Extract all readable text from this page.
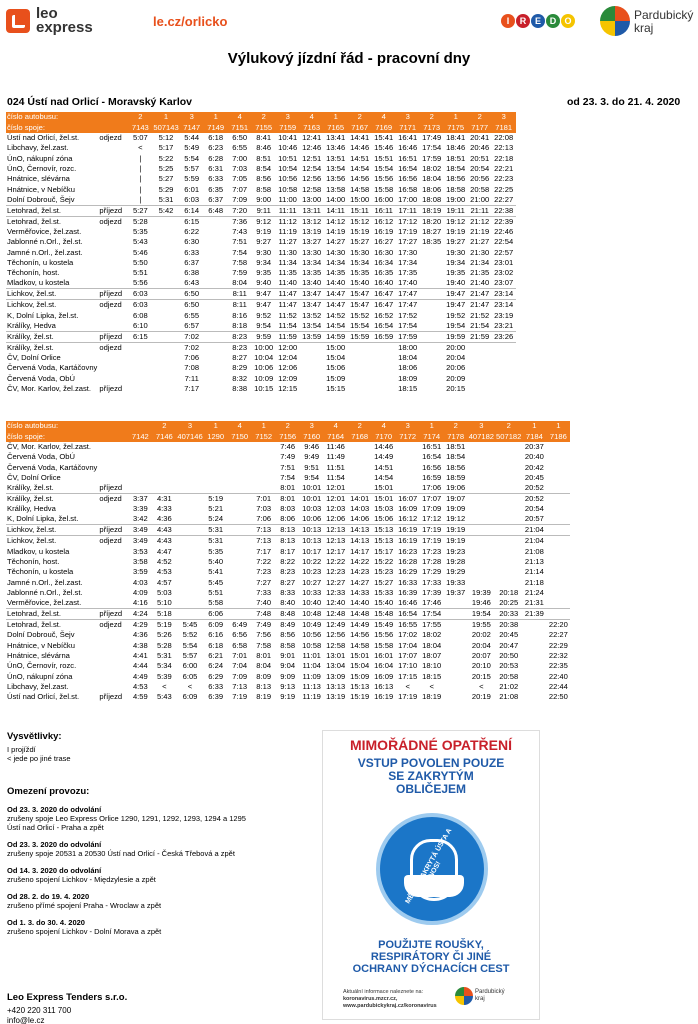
leo
express	le.cz/orlicko	I	R E D O	Pardubický
kraj
Výlukový jízdní řád - pracovní dny
024 Ústí nad Orlicí - Moravský Karlov	od 23. 3. do 21. 4. 2020
číslo autobusu:		2	1	3	1	4	2	3	4	1	2	4	3	2	1	2	3
číslo spoje:		7143	507143	7147	7149	7151	7155	7159	7163	7165	7167	7169	7171	7173	7175	7177	7181
Ústí nad Orlicí, žel.st.	odjezd	5:07	5:12	5:44	6:18	6:50	8:41	10:41	12:41	13:41	14:41	15:41	16:41	17:49	18:41	20:41	22:08
Libchavy, žel.zast.		<	5:17	5:49	6:23	6:55	8:46	10:46	12:46	13:46	14:46	15:46	16:46	17:54	18:46	20:46	22:13
ÚnO, nákupní zóna		|	5:22	5:54	6:28	7:00	8:51	10:51	12:51	13:51	14:51	15:51	16:51	17:59	18:51	20:51	22:18
ÚnO, Černovír, rozc.		|	5:25	5:57	6:31	7:03	8:54	10:54	12:54	13:54	14:54	15:54	16:54	18:02	18:54	20:54	22:21
Hnátnice, slévárna		|	5:27	5:59	6:33	7:05	8:56	10:56	12:56	13:56	14:56	15:56	16:56	18:04	18:56	20:56	22:23
Hnátnice, v Nebíčku		|	5:29	6:01	6:35	7:07	8:58	10:58	12:58	13:58	14:58	15:58	16:58	18:06	18:58	20:58	22:25
Dolní Dobrouč, Šejv		|	5:31	6:03	6:37	7:09	9:00	11:00	13:00	14:00	15:00	16:00	17:00	18:08	19:00	21:00	22:27
Letohrad, žel.st.	příjezd	5:27	5:42	6:14	6:48	7:20	9:11	11:11	13:11	14:11	15:11	16:11	17:11	18:19	19:11	21:11	22:38
Letohrad, žel.st.	odjezd	5:28		6:15		7:36	9:12	11:12	13:12	14:12	15:12	16:12	17:12	18:20	19:12	21:12	22:39
Verměřovice, žel.zast.		5:35		6:22		7:43	9:19	11:19	13:19	14:19	15:19	16:19	17:19	18:27	19:19	21:19	22:46
Jablonné n.Orl., žel.st.		5:43		6:30		7:51	9:27	11:27	13:27	14:27	15:27	16:27	17:27	18:35	19:27	21:27	22:54
Jamné n.Orl., žel.zast.		5:46		6:33		7:54	9:30	11:30	13:30	14:30	15:30	16:30	17:30		19:30	21:30	22:57
Těchonín, u kostela		5:50		6:37		7:58	9:34	11:34	13:34	14:34	15:34	16:34	17:34		19:34	21:34	23:01
Těchonín, host.		5:51		6:38		7:59	9:35	11:35	13:35	14:35	15:35	16:35	17:35		19:35	21:35	23:02
Mladkov, u kostela		5:56		6:43		8:04	9:40	11:40	13:40	14:40	15:40	16:40	17:40		19:40	21:40	23:07
Lichkov, žel.st.	příjezd	6:03		6:50		8:11	9:47	11:47	13:47	14:47	15:47	16:47	17:47		19:47	21:47	23:14
Lichkov, žel.st.	odjezd	6:03		6:50		8:11	9:47	11:47	13:47	14:47	15:47	16:47	17:47		19:47	21:47	23:14
K, Dolní Lipka, žel.st.		6:08		6:55		8:16	9:52	11:52	13:52	14:52	15:52	16:52	17:52		19:52	21:52	23:19
Králíky, Hedva		6:10		6:57		8:18	9:54	11:54	13:54	14:54	15:54	16:54	17:54		19:54	21:54	23:21
Králíky, žel.st.	příjezd	6:15		7:02		8:23	9:59	11:59	13:59	14:59	15:59	16:59	17:59		19:59	21:59	23:26
Králíky, žel.st.	odjezd			7:02		8:23	10:00	12:00		15:00			18:00		20:00		
ČV, Dolní Orlice				7:06		8:27	10:04	12:04		15:04			18:04		20:04		
Červená Voda, Kartáčovny				7:08		8:29	10:06	12:06		15:06			18:06		20:06		
Červená Voda, ObÚ				7:11		8:32	10:09	12:09		15:09			18:09		20:09		
ČV, Mor. Karlov, žel.zast.	příjezd			7:17		8:38	10:15	12:15		15:15			18:15		20:15		
číslo autobusu:			2	3	1	4	1	2	3	4	2	4	3	1	2	3	2	1	1
číslo spoje:		7142	7146	407146	1290	7150	7152	7156	7160	7164	7168	7170	7172	7174	7178	407182	507182	7184	7186
ČV, Mor. Karlov, žel.zast.								7:46	9:46	11:46		14:46		16:51	18:51			20:37	
Červená Voda, ObÚ								7:49	9:49	11:49		14:49		16:54	18:54			20:40	
Červená Voda, Kartáčovny								7:51	9:51	11:51		14:51		16:56	18:56			20:42	
ČV, Dolní Orlice								7:54	9:54	11:54		14:54		16:59	18:59			20:45	
Králíky, žel.st.	příjezd							8:01	10:01	12:01		15:01		17:06	19:06			20:52	
Králíky, žel.st.	odjezd	3:37	4:31		5:19		7:01	8:01	10:01	12:01	14:01	15:01	16:07	17:07	19:07			20:52	
Králíky, Hedva		3:39	4:33		5:21		7:03	8:03	10:03	12:03	14:03	15:03	16:09	17:09	19:09			20:54	
K, Dolní Lipka, žel.st.		3:42	4:36		5:24		7:06	8:06	10:06	12:06	14:06	15:06	16:12	17:12	19:12			20:57	
Lichkov, žel.st.	příjezd	3:49	4:43		5:31		7:13	8:13	10:13	12:13	14:13	15:13	16:19	17:19	19:19			21:04	
Lichkov, žel.st.	odjezd	3:49	4:43		5:31		7:13	8:13	10:13	12:13	14:13	15:13	16:19	17:19	19:19			21:04	
Mladkov, u kostela		3:53	4:47		5:35		7:17	8:17	10:17	12:17	14:17	15:17	16:23	17:23	19:23			21:08	
Těchonín, host.		3:58	4:52		5:40		7:22	8:22	10:22	12:22	14:22	15:22	16:28	17:28	19:28			21:13	
Těchonín, u kostela		3:59	4:53		5:41		7:23	8:23	10:23	12:23	14:23	15:23	16:29	17:29	19:29			21:14	
Jamné n.Orl., žel.zast.		4:03	4:57		5:45		7:27	8:27	10:27	12:27	14:27	15:27	16:33	17:33	19:33			21:18	
Jablonné n.Orl., žel.st.		4:09	5:03		5:51		7:33	8:33	10:33	12:33	14:33	15:33	16:39	17:39	19:37	19:39	20:18	21:24	
Verměřovice, žel.zast.		4:16	5:10		5:58		7:40	8:40	10:40	12:40	14:40	15:40	16:46	17:46		19:46	20:25	21:31	
Letohrad, žel.st.	příjezd	4:24	5:18		6:06		7:48	8:48	10:48	12:48	14:48	15:48	16:54	17:54		19:54	20:33	21:39	
Letohrad, žel.st.	odjezd	4:29	5:19	5:45	6:09	6:49	7:49	8:49	10:49	12:49	14:49	15:49	16:55	17:55		19:55	20:38		22:20
Dolní Dobrouč, Šejv		4:36	5:26	5:52	6:16	6:56	7:56	8:56	10:56	12:56	14:56	15:56	17:02	18:02		20:02	20:45		22:27
Hnátnice, v Nebíčku		4:38	5:28	5:54	6:18	6:58	7:58	8:58	10:58	12:58	14:58	15:58	17:04	18:04		20:04	20:47		22:29
Hnátnice, slévárna		4:41	5:31	5:57	6:21	7:01	8:01	9:01	11:01	13:01	15:01	16:01	17:07	18:07		20:07	20:50		22:32
ÚnO, Černovír, rozc.		4:44	5:34	6:00	6:24	7:04	8:04	9:04	11:04	13:04	15:04	16:04	17:10	18:10		20:10	20:53		22:35
ÚnO, nákupní zóna		4:49	5:39	6:05	6:29	7:09	8:09	9:09	11:09	13:09	15:09	16:09	17:15	18:15		20:15	20:58		22:40
Libchavy, žel.zast.		4:53	<	<	6:33	7:13	8:13	9:13	11:13	13:13	15:13	16:13	<	<		<	21:02		22:44
Ústí nad Orlicí, žel.st.	příjezd	4:59	5:43	6:09	6:39	7:19	8:19	9:19	11:19	13:19	15:19	16:19	17:19	18:19		20:19	21:08		22:50
Vysvětlivky:
I projíždí
< jede po jiné trase
Omezení provozu:
Od 23. 3. 2020 do odvolání
zrušeny spoje Leo Express Orlice 1290, 1291, 1292, 1293, 1294 a 1295
Ústí nad Orlicí - Praha a zpět
Od 23. 3. 2020 do odvolání
zrušeny spoje 20531 a 20530 Ústí nad Orlicí - Česká Třebová a zpět
Od 14. 3. 2020 do odvolání
zrušeno spojení Lichkov - Międzylesie a zpět
Od 28. 2. do 19. 4. 2020
zrušeno přímé spojení Praha - Wroclaw a zpět
Od 1. 3. do 30. 4. 2020
zrušeno spojení Lichkov - Dolní Morava a zpět
MIMOŘÁDNÉ OPATŘENÍ
VSTUP POVOLEN POUZE
SE ZAKRYTÝM
OBLIČEJEM
MĚJTE ZAKRYTÁ ÚSTA A NOS!
POUŽIJTE ROUŠKY,
RESPIRÁTORY ČI JINÉ
OCHRANY DÝCHACÍCH CEST
Aktuální informace naleznete na:
koronavirus.mzcr.cz,
www.pardubickykraj.cz/koronavirus
Pardubický
kraj
Leo Express Tenders s.r.o.
+420 220 311 700
info@le.cz
